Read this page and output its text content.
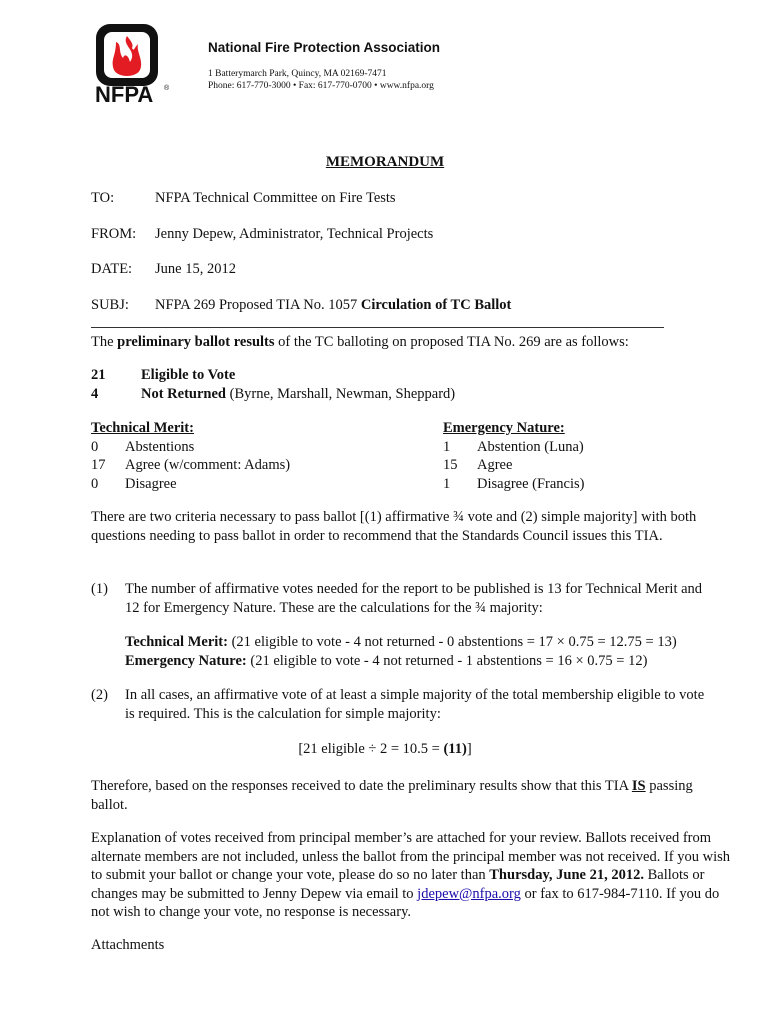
NFPA ®
National Fire Protection Association
1 Batterymarch Park, Quincy, MA 02169-7471
Phone: 617-770-3000 • Fax: 617-770-0700 • www.nfpa.org
MEMORANDUM
TO:	NFPA Technical Committee on Fire Tests
FROM: Jenny Depew, Administrator, Technical Projects
DATE: June 15, 2012
SUBJ: NFPA 269 Proposed TIA No. 1057 Circulation of TC Ballot
The preliminary ballot results of the TC balloting on proposed TIA No. 269 are as follows:
21 Eligible to Vote
4	Not Returned (Byrne, Marshall, Newman, Sheppard)
Technical Merit:
0 Abstentions
17 Agree (w/comment: Adams)
0 Disagree
Emergency Nature:
1 Abstention (Luna)
15 Agree
1 Disagree (Francis)
There are two criteria necessary to pass ballot [(1) affirmative ¾ vote and (2) simple majority] with both questions needing to pass ballot in order to recommend that the Standards Council issues this TIA.
(1) The number of affirmative votes needed for the report to be published is 13 for Technical Merit and 12 for Emergency Nature. These are the calculations for the ¾ majority:
Technical Merit: (21 eligible to vote - 4 not returned - 0 abstentions = 17 × 0.75 = 12.75 = 13)
Emergency Nature: (21 eligible to vote - 4 not returned - 1 abstentions = 16 × 0.75 = 12)
(2) In all cases, an affirmative vote of at least a simple majority of the total membership eligible to vote is required. This is the calculation for simple majority:
[21 eligible ÷ 2 = 10.5 = (11)]
Therefore, based on the responses received to date the preliminary results show that this TIA IS passing ballot.
Explanation of votes received from principal member’s are attached for your review. Ballots received from alternate members are not included, unless the ballot from the principal member was not received. If you wish to submit your ballot or change your vote, please do so no later than Thursday, June 21, 2012. Ballots or changes may be submitted to Jenny Depew via email to jdepew@nfpa.org or fax to 617-984-7110. If you do not wish to change your vote, no response is necessary.
Attachments
